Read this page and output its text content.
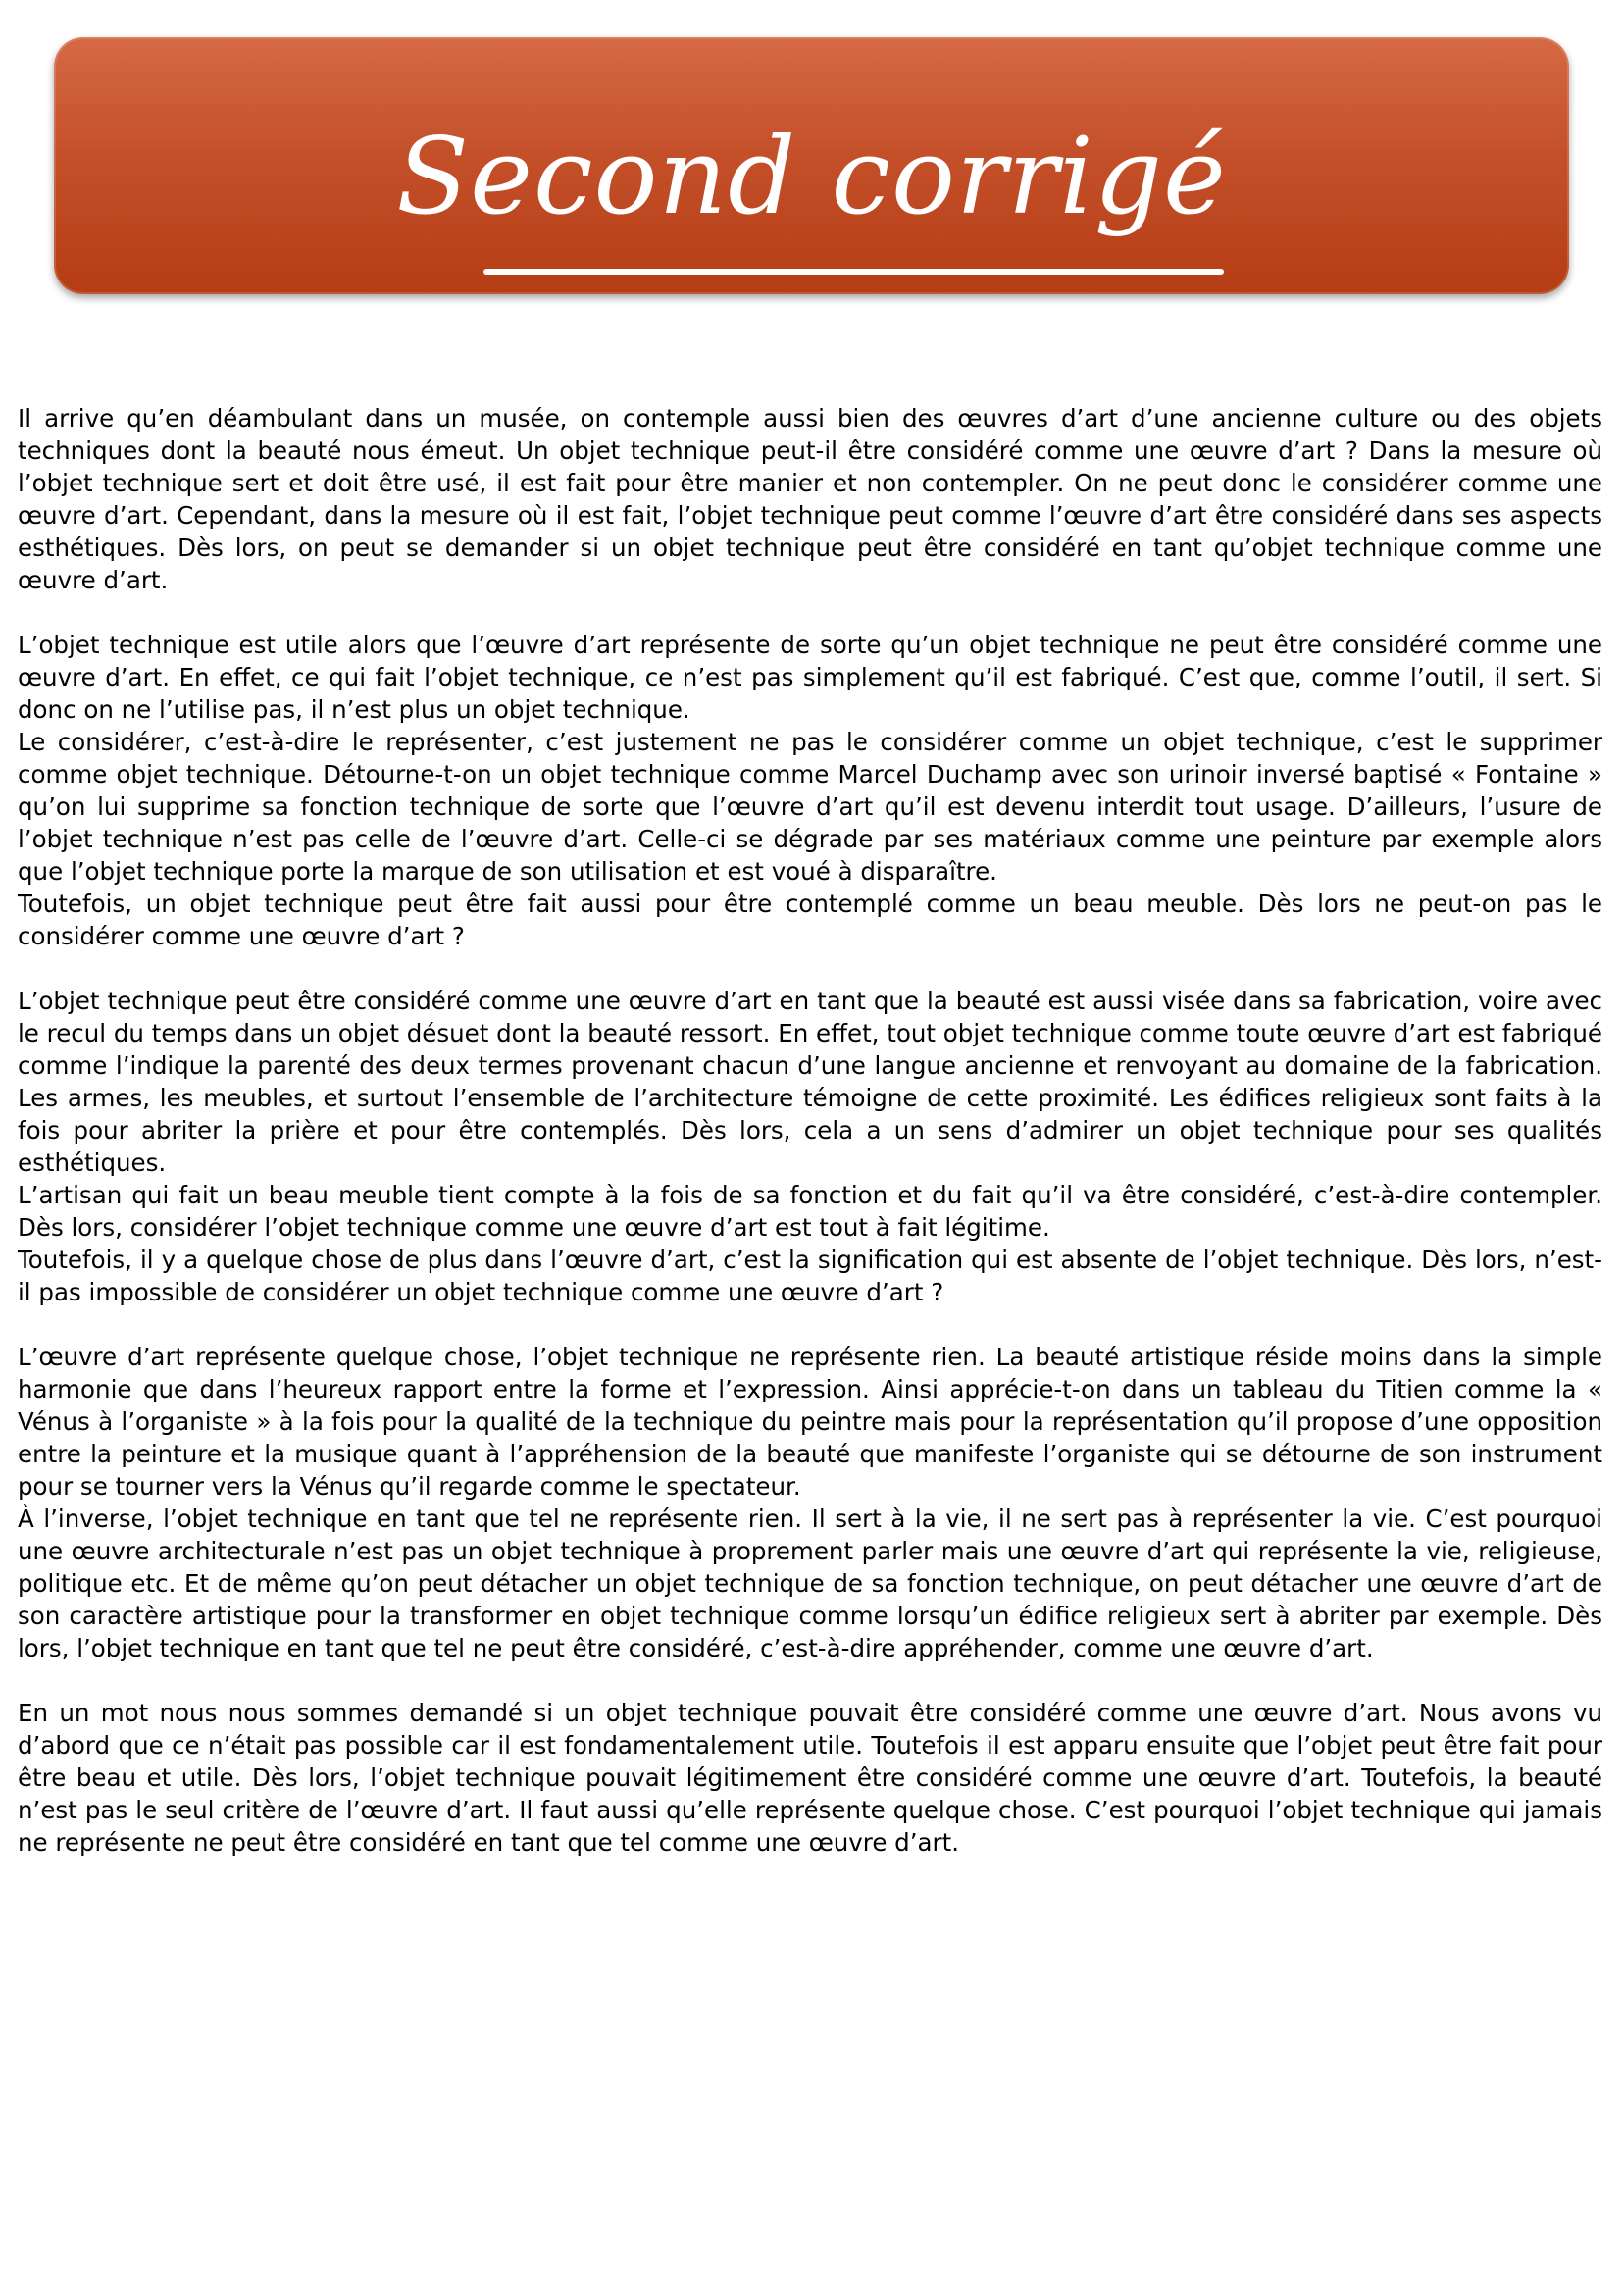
Second corrigé

Il arrive qu’en déambulant dans un musée, on contemple aussi bien des œuvres d’art d’une ancienne culture ou des objets techniques dont la beauté nous émeut. Un objet technique peut-il être considéré comme une œuvre d’art ? Dans la mesure où l’objet technique sert et doit être usé, il est fait pour être manier et non contempler. On ne peut donc le considérer comme une œuvre d’art. Cependant, dans la mesure où il est fait, l’objet technique peut comme l’œuvre d’art être considéré dans ses aspects esthétiques. Dès lors, on peut se demander si un objet technique peut être considéré en tant qu’objet technique comme une œuvre d’art.

L’objet technique est utile alors que l’œuvre d’art représente de sorte qu’un objet technique ne peut être considéré comme une œuvre d’art. En effet, ce qui fait l’objet technique, ce n’est pas simplement qu’il est fabriqué. C’est que, comme l’outil, il sert. Si donc on ne l’utilise pas, il n’est plus un objet technique.

Le considérer, c’est-à-dire le représenter, c’est justement ne pas le considérer comme un objet technique, c’est le supprimer comme objet technique. Détourne-t-on un objet technique comme Marcel Duchamp avec son urinoir inversé baptisé « Fontaine » qu’on lui supprime sa fonction technique de sorte que l’œuvre d’art qu’il est devenu interdit tout usage. D’ailleurs, l’usure de l’objet technique n’est pas celle de l’œuvre d’art. Celle-ci se dégrade par ses matériaux comme une peinture par exemple alors que l’objet technique porte la marque de son utilisation et est voué à disparaître.

Toutefois, un objet technique peut être fait aussi pour être contemplé comme un beau meuble. Dès lors ne peut-on pas le considérer comme une œuvre d’art ?

L’objet technique peut être considéré comme une œuvre d’art en tant que la beauté est aussi visée dans sa fabrication, voire avec le recul du temps dans un objet désuet dont la beauté ressort. En effet, tout objet technique comme toute œuvre d’art est fabriqué comme l’indique la parenté des deux termes provenant chacun d’une langue ancienne et renvoyant au domaine de la fabrication. Les armes, les meubles, et surtout l’ensemble de l’architecture témoigne de cette proximité. Les édifices religieux sont faits à la fois pour abriter la prière et pour être contemplés. Dès lors, cela a un sens d’admirer un objet technique pour ses qualités esthétiques.

L’artisan qui fait un beau meuble tient compte à la fois de sa fonction et du fait qu’il va être considéré, c’est-à-dire contempler. Dès lors, considérer l’objet technique comme une œuvre d’art est tout à fait légitime.

Toutefois, il y a quelque chose de plus dans l’œuvre d’art, c’est la signification qui est absente de l’objet technique. Dès lors, n’est-il pas impossible de considérer un objet technique comme une œuvre d’art ?

L’œuvre d’art représente quelque chose, l’objet technique ne représente rien. La beauté artistique réside moins dans la simple harmonie que dans l’heureux rapport entre la forme et l’expression. Ainsi apprécie-t-on dans un tableau du Titien comme la « Vénus à l’organiste » à la fois pour la qualité de la technique du peintre mais pour la représentation qu’il propose d’une opposition entre la peinture et la musique quant à l’appréhension de la beauté que manifeste l’organiste qui se détourne de son instrument pour se tourner vers la Vénus qu’il regarde comme le spectateur.

À l’inverse, l’objet technique en tant que tel ne représente rien. Il sert à la vie, il ne sert pas à représenter la vie. C’est pourquoi une œuvre architecturale n’est pas un objet technique à proprement parler mais une œuvre d’art qui représente la vie, religieuse, politique etc. Et de même qu’on peut détacher un objet technique de sa fonction technique, on peut détacher une œuvre d’art de son caractère artistique pour la transformer en objet technique comme lorsqu’un édifice religieux sert à abriter par exemple. Dès lors, l’objet technique en tant que tel ne peut être considéré, c’est-à-dire appréhender, comme une œuvre d’art.

En un mot nous nous sommes demandé si un objet technique pouvait être considéré comme une œuvre d’art. Nous avons vu d’abord que ce n’était pas possible car il est fondamentalement utile. Toutefois il est apparu ensuite que l’objet peut être fait pour être beau et utile. Dès lors, l’objet technique pouvait légitimement être considéré comme une œuvre d’art. Toutefois, la beauté n’est pas le seul critère de l’œuvre d’art. Il faut aussi qu’elle représente quelque chose. C’est pourquoi l’objet technique qui jamais ne représente ne peut être considéré en tant que tel comme une œuvre d’art.
